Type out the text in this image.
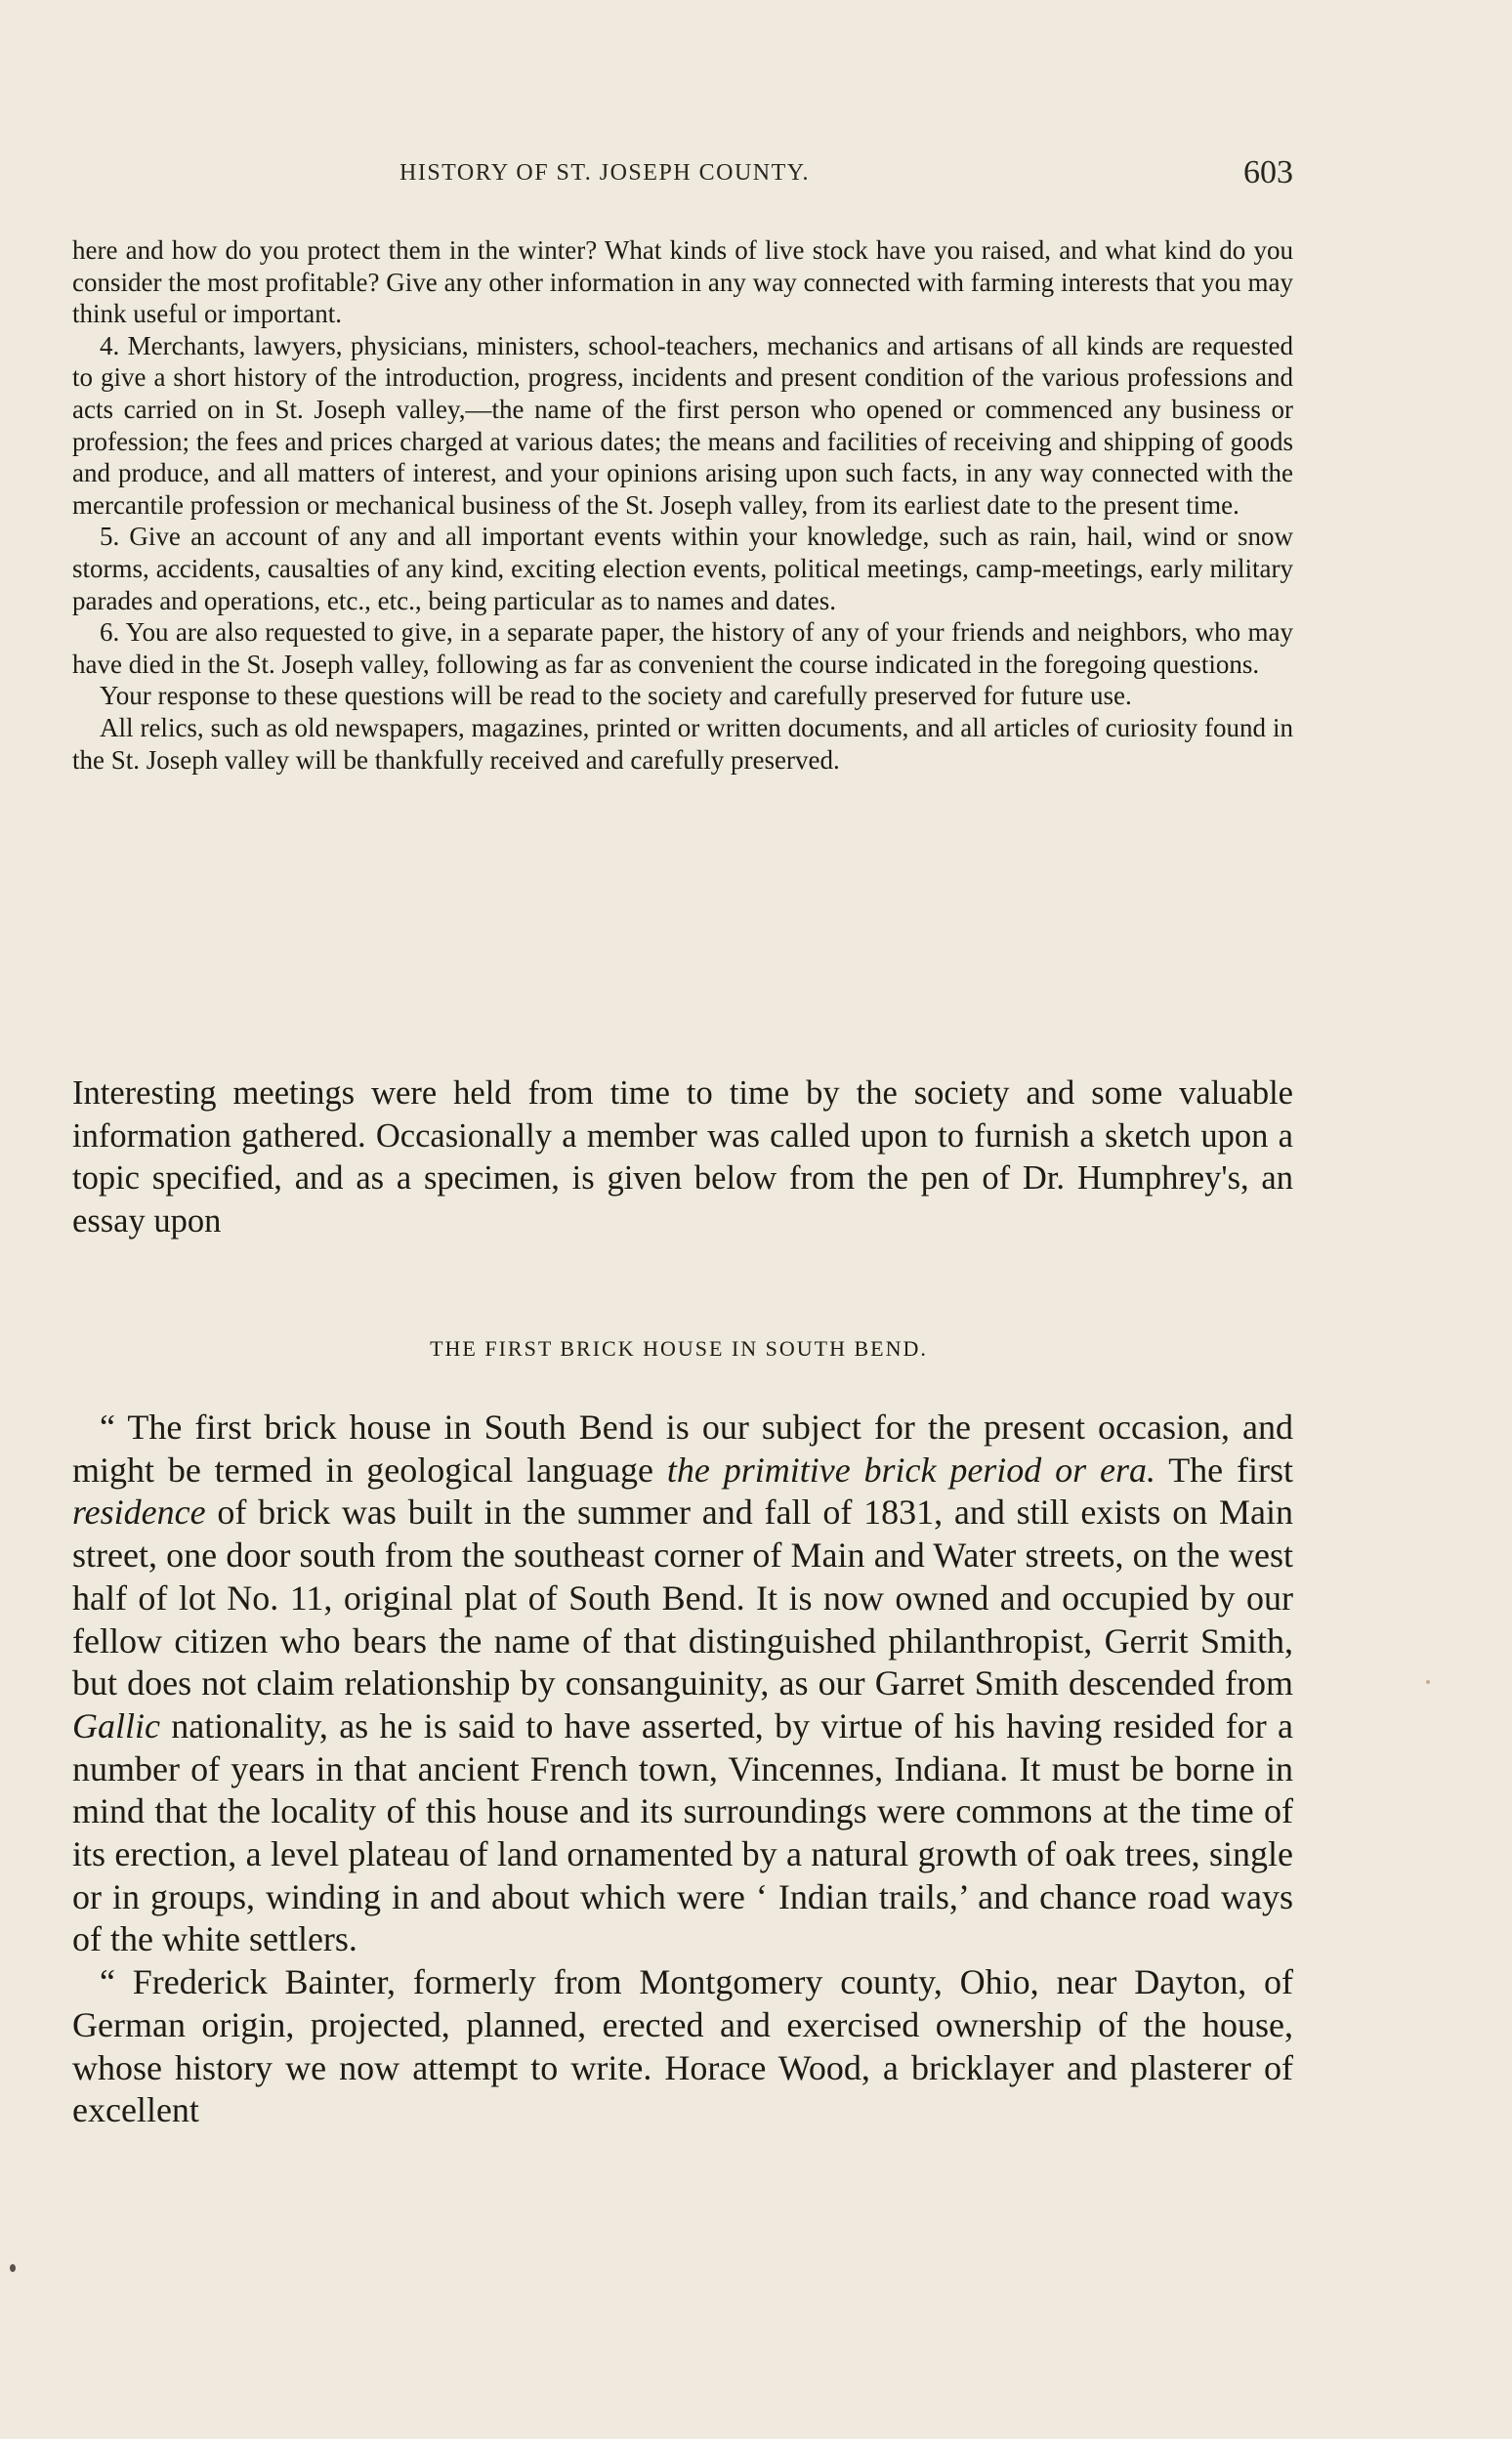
HISTORY OF ST. JOSEPH COUNTY.	603

here and how do you protect them in the winter? What kinds of live stock have you raised, and what kind do you consider the most profitable? Give any other information in any way connected with farming interests that you may think useful or important.

4. Merchants, lawyers, physicians, ministers, school-teachers, mechanics and artisans of all kinds are requested to give a short history of the introduction, progress, incidents and present condition of the various professions and acts carried on in St. Joseph valley,—the name of the first person who opened or commenced any business or profession; the fees and prices charged at various dates; the means and facilities of receiving and shipping of goods and produce, and all matters of interest, and your opinions arising upon such facts, in any way connected with the mercantile profession or mechanical business of the St. Joseph valley, from its earliest date to the present time.

5. Give an account of any and all important events within your knowledge, such as rain, hail, wind or snow storms, accidents, causalties of any kind, exciting election events, political meetings, camp-meetings, early military parades and operations, etc., etc., being particular as to names and dates.

6. You are also requested to give, in a separate paper, the history of any of your friends and neighbors, who may have died in the St. Joseph valley, following as far as convenient the course indicated in the foregoing questions.

Your response to these questions will be read to the society and carefully preserved for future use.

All relics, such as old newspapers, magazines, printed or written documents, and all articles of curiosity found in the St. Joseph valley will be thankfully received and carefully preserved.

Interesting meetings were held from time to time by the society and some valuable information gathered. Occasionally a member was called upon to furnish a sketch upon a topic specified, and as a specimen, is given below from the pen of Dr. Humphrey's, an essay upon

THE FIRST BRICK HOUSE IN SOUTH BEND.

“ The first brick house in South Bend is our subject for the present occasion, and might be termed in geological language the primitive brick period or era. The first residence of brick was built in the summer and fall of 1831, and still exists on Main street, one door south from the southeast corner of Main and Water streets, on the west half of lot No. 11, original plat of South Bend. It is now owned and occupied by our fellow citizen who bears the name of that distinguished philanthropist, Gerrit Smith, but does not claim relationship by consanguinity, as our Garret Smith descended from Gallic nationality, as he is said to have asserted, by virtue of his having resided for a number of years in that ancient French town, Vincennes, Indiana. It must be borne in mind that the locality of this house and its surroundings were commons at the time of its erection, a level plateau of land ornamented by a natural growth of oak trees, single or in groups, winding in and about which were ‘ Indian trails,’ and chance road ways of the white settlers.

“ Frederick Bainter, formerly from Montgomery county, Ohio, near Dayton, of German origin, projected, planned, erected and exercised ownership of the house, whose history we now attempt to write. Horace Wood, a bricklayer and plasterer of excellent
